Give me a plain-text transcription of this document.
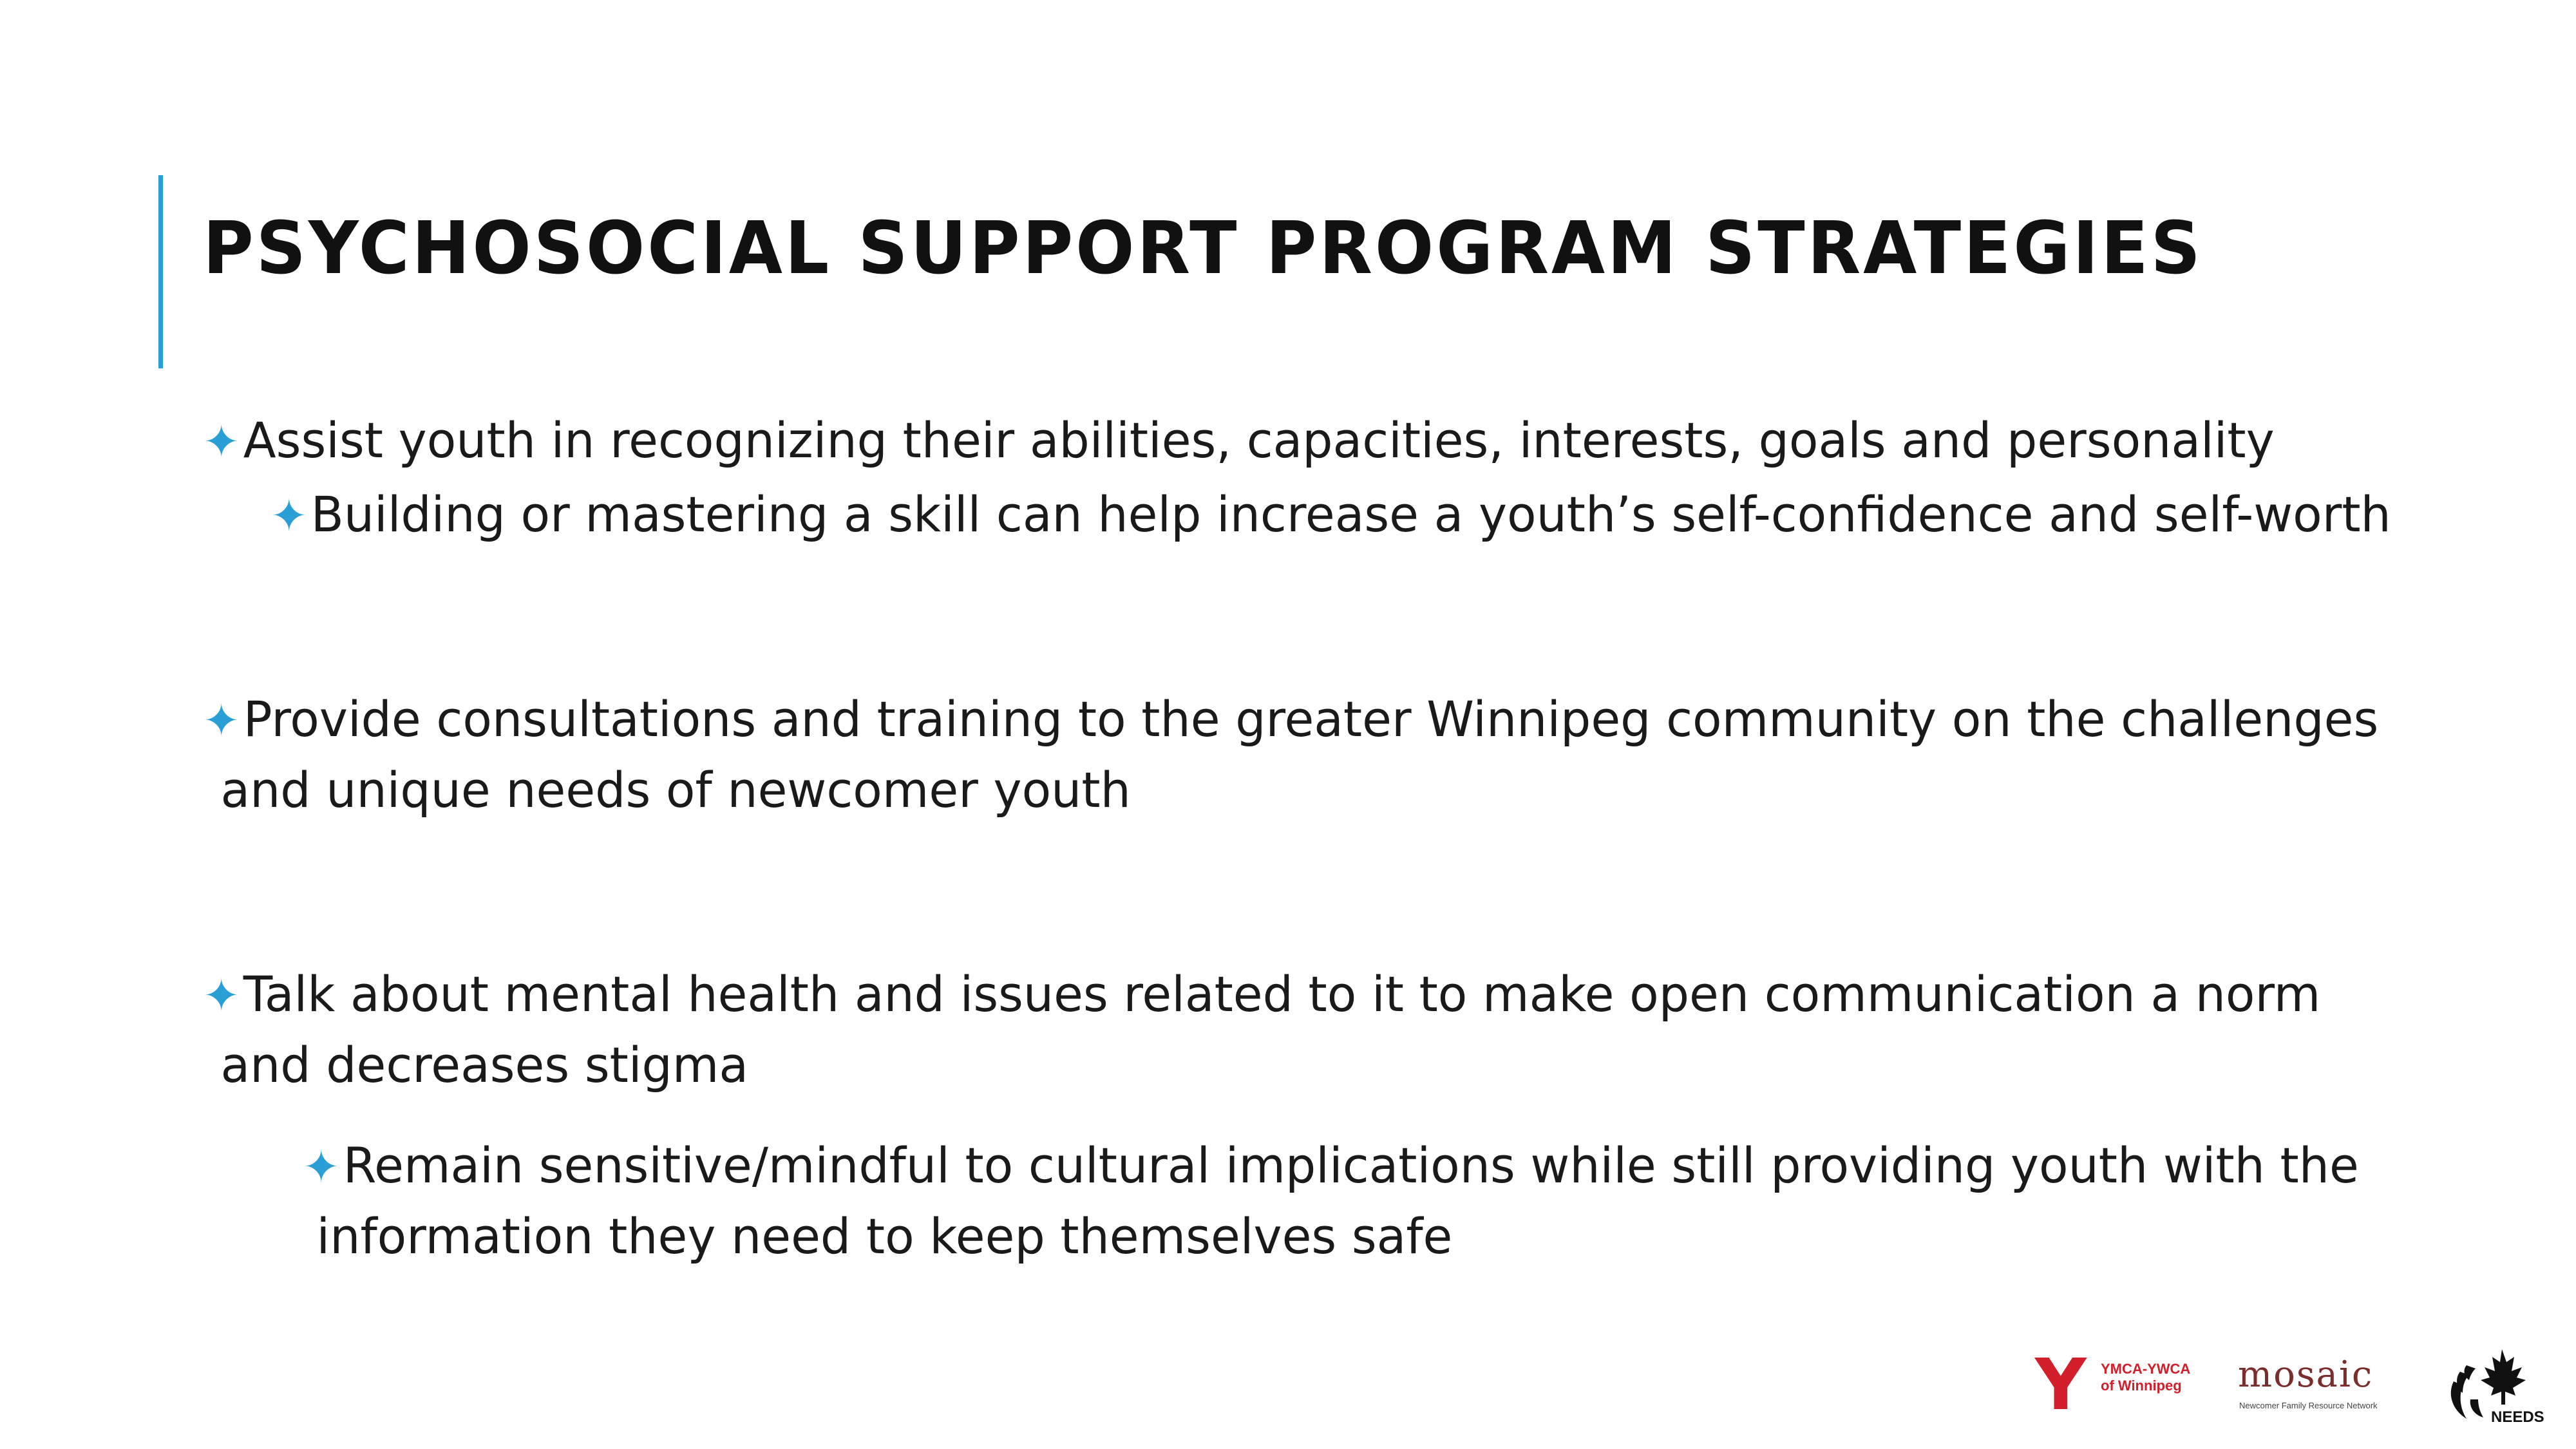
PSYCHOSOCIAL SUPPORT PROGRAM STRATEGIES
✦Assist youth in recognizing their abilities, capacities, interests, goals and personality
✦Building or mastering a skill can help increase a youth’s self-confidence and self-worth
✦Provide consultations and training to the greater Winnipeg community on the challenges
and unique needs of newcomer youth
✦Talk about mental health and issues related to it to make open communication a norm
and decreases stigma
✦Remain sensitive/mindful to cultural implications while still providing youth with the
information they need to keep themselves safe
Y YMCA-YWCA
of Winnipeg mosaic
Newcomer Family Resource Network
NEEDS
